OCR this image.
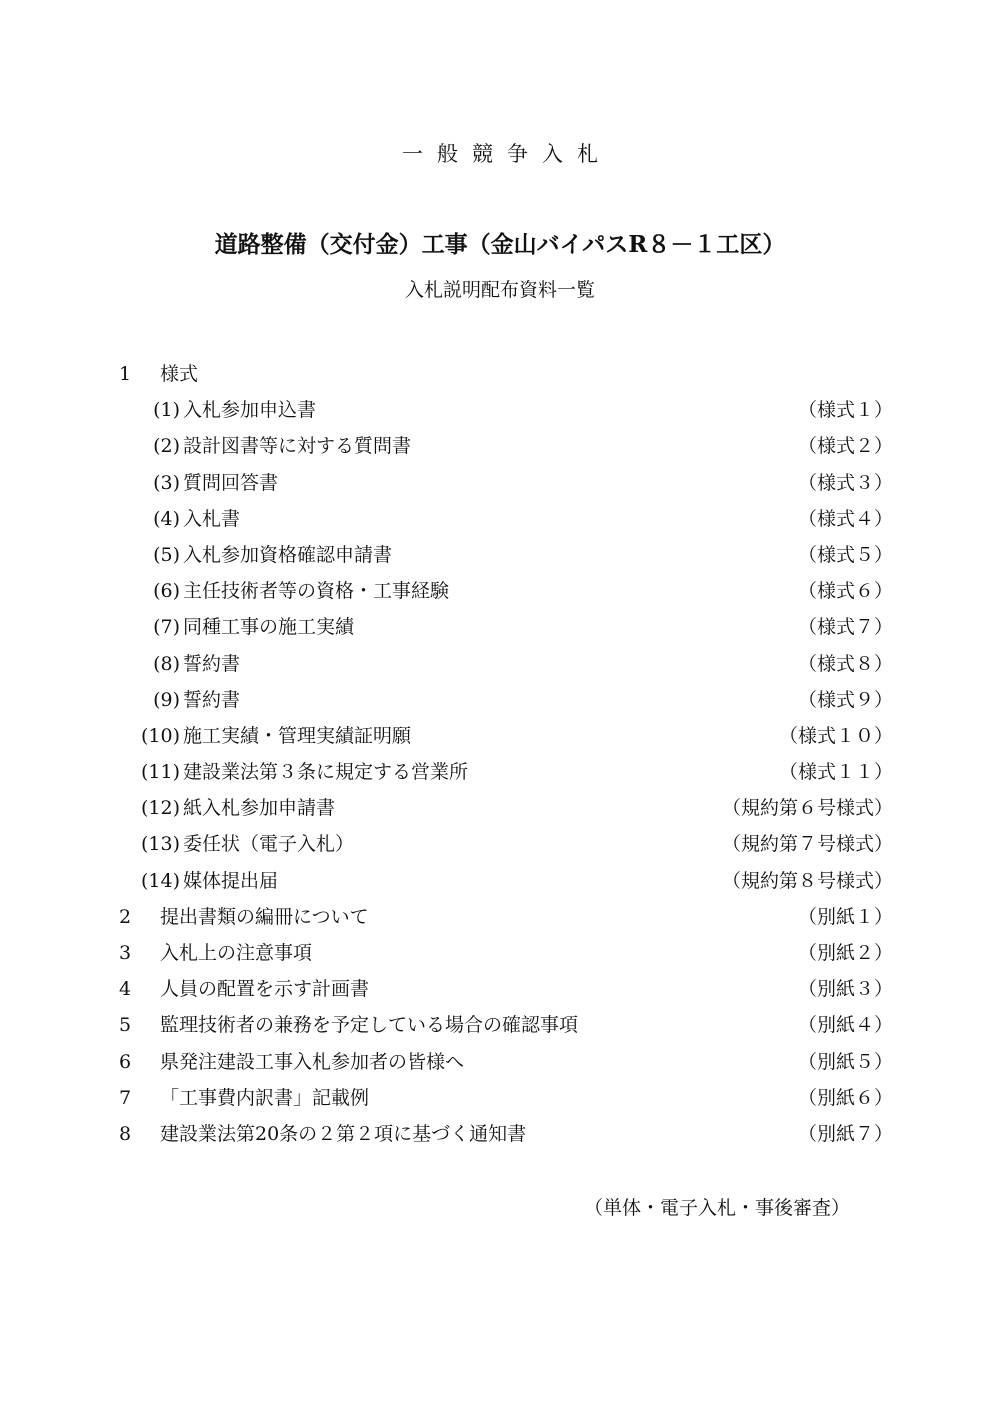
一般競争入札
道路整備（交付金）工事（金山バイパスR８－１工区）
入札説明配布資料一覧
1	様式
(1) 入札参加申込書	（様式１）
(2) 設計図書等に対する質問書	（様式２）
(3) 質問回答書	（様式３）
(4) 入札書	（様式４）
(5) 入札参加資格確認申請書	（様式５）
(6) 主任技術者等の資格・工事経験	（様式６）
(7) 同種工事の施工実績	（様式７）
(8) 誓約書	（様式８）
(9) 誓約書	（様式９）
(10) 施工実績・管理実績証明願	（様式１０）
(11) 建設業法第３条に規定する営業所	（様式１１）
(12) 紙入札参加申請書	（規約第６号様式）
(13) 委任状（電子入札）	（規約第７号様式）
(14) 媒体提出届	（規約第８号様式）
2	提出書類の編冊について	（別紙１）
3	入札上の注意事項	（別紙２）
4	人員の配置を示す計画書	（別紙３）
5	監理技術者の兼務を予定している場合の確認事項	（別紙４）
6	県発注建設工事入札参加者の皆様へ	（別紙５）
7	「工事費内訳書」記載例	（別紙６）
8	建設業法第20条の２第２項に基づく通知書	（別紙７）
（単体・電子入札・事後審査）
